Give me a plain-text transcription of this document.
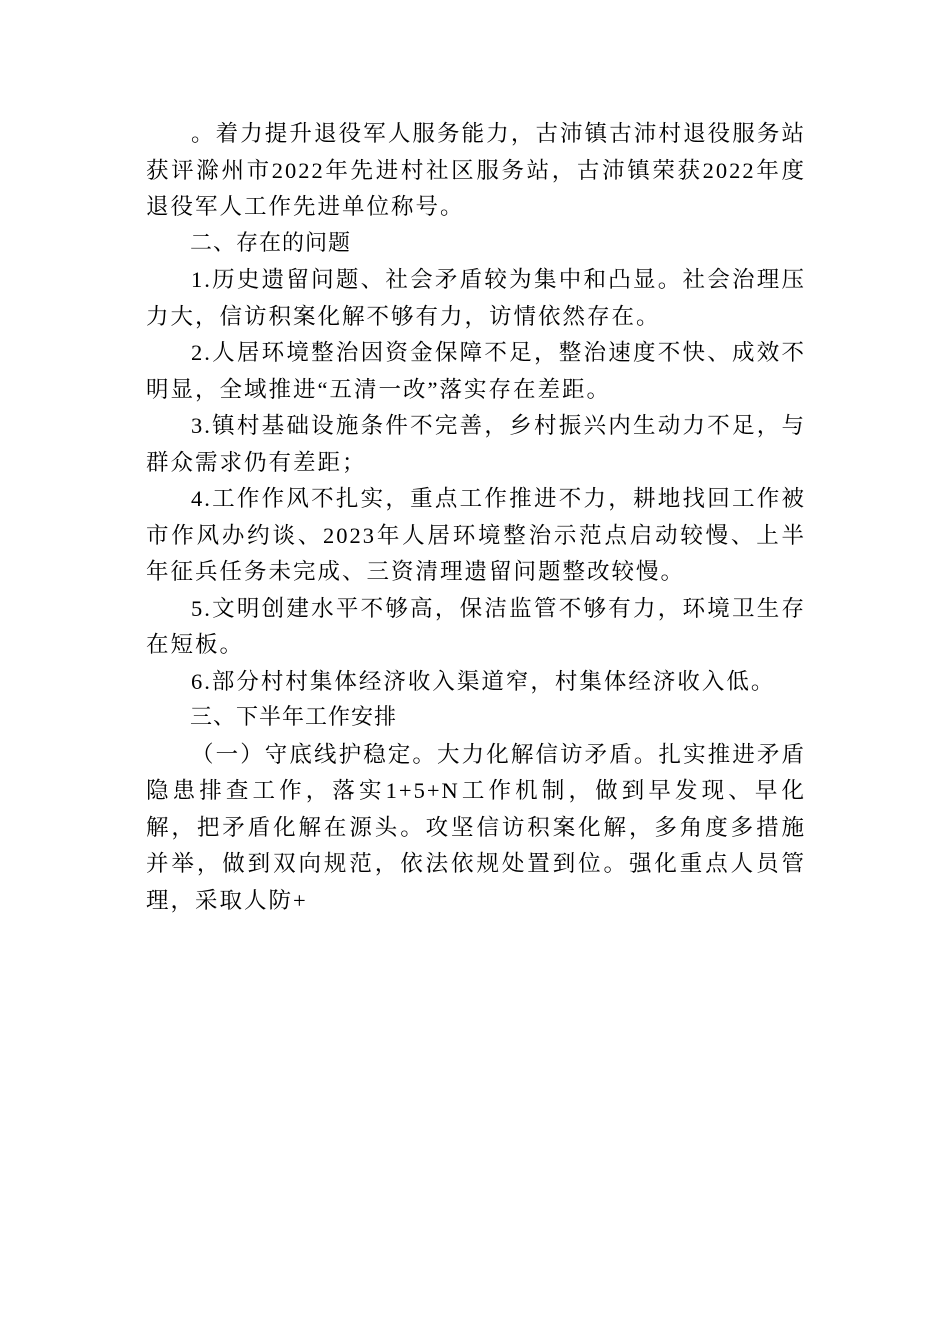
。着力提升退役军人服务能力，古沛镇古沛村退役服务站获评滁州市2022年先进村社区服务站，古沛镇荣获2022年度退役军人工作先进单位称号。

二、存在的问题

1.历史遗留问题、社会矛盾较为集中和凸显。社会治理压力大，信访积案化解不够有力，访情依然存在。

2.人居环境整治因资金保障不足，整治速度不快、成效不明显，全域推进“五清一改”落实存在差距。

3.镇村基础设施条件不完善，乡村振兴内生动力不足，与群众需求仍有差距；

4.工作作风不扎实，重点工作推进不力，耕地找回工作被市作风办约谈、2023年人居环境整治示范点启动较慢、上半年征兵任务未完成、三资清理遗留问题整改较慢。

5.文明创建水平不够高，保洁监管不够有力，环境卫生存在短板。

6.部分村村集体经济收入渠道窄，村集体经济收入低。

三、下半年工作安排

（一）守底线护稳定。大力化解信访矛盾。扎实推进矛盾隐患排查工作，落实1+5+N工作机制，做到早发现、早化解，把矛盾化解在源头。攻坚信访积案化解，多角度多措施并举，做到双向规范，依法依规处置到位。强化重点人员管理，采取人防+
